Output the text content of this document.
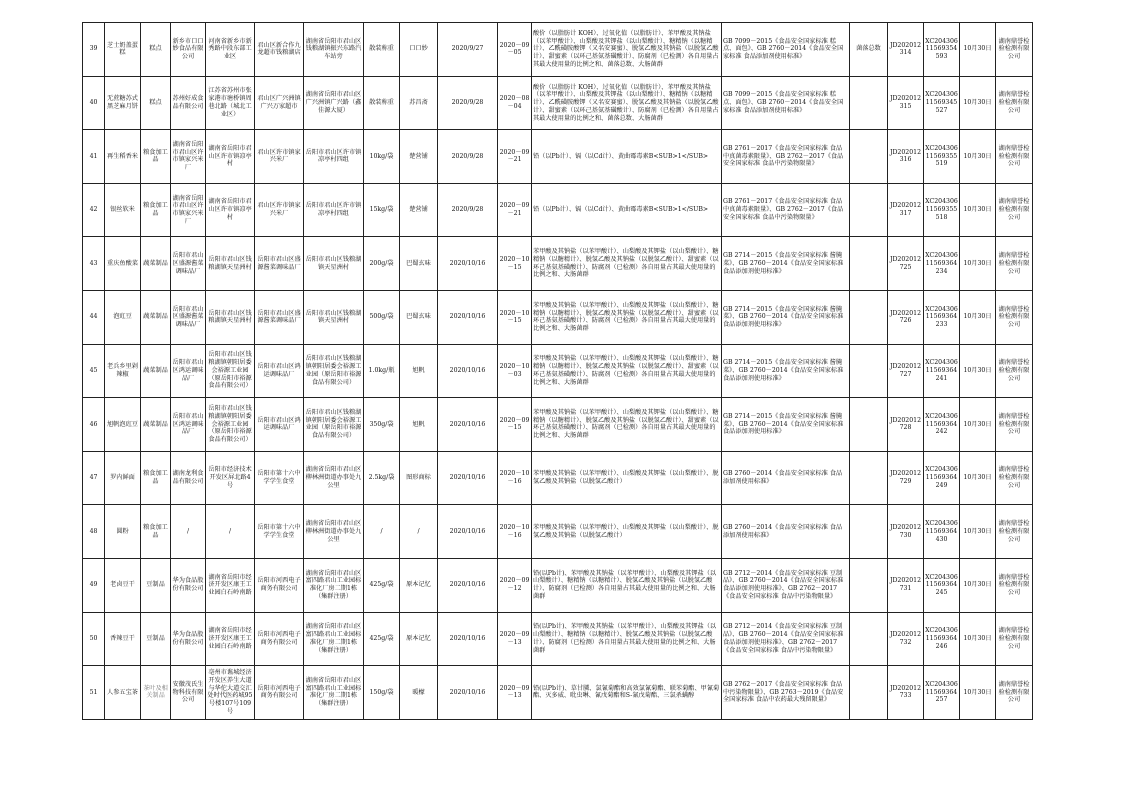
39	芝士奶盖蛋糕	糕点	新乡市口口妙食品有限公司	河南省新乡市新秀路中段东部工业区	君山区新合作九龙超市钱粮湖店	湖南省岳阳市君山区钱粮湖镇振兴东路汽车站旁	散装称重	口口妙	2020/9/27	2020－09－05	酸价（以脂肪计 KOH）、过氧化值（以脂肪计）、苯甲酸及其钠盐（以苯甲酸计）、山梨酸及其钾盐（以山梨酸计）、糖精钠（以糖精计）、乙酰磺胺酸钾（又名安赛蜜）、脱氢乙酸及其钠盐（以脱氢乙酸计）、甜蜜素（以环己基氨基磺酸计）、防腐剂（已检测）各自用量占其最大使用量的比例之和、菌落总数、大肠菌群	GB 7099－2015《食品安全国家标准 糕点、面包》、GB 2760－2014《食品安全国家标准 食品添加剂使用标准》	菌落总数	JD202012314	XC20430611569354593	10月30日	湖南鼎誉检验检测有限公司
40	无蔗糖苏式黑芝麻月饼	糕点	苏州好成食品有限公司	江苏省苏州市张家港市塘桥镇周巷北路（城北工业区）	君山区广兴洲镇广兴万家超市	湖南省岳阳市君山区广兴洲镇广兴路（鑫佳源大厦）	散装称重	苏昌斋	2020/9/28	2020－08－04	酸价（以脂肪计 KOH）、过氧化值（以脂肪计）、苯甲酸及其钠盐（以苯甲酸计）、山梨酸及其钾盐（以山梨酸计）、糖精钠（以糖精计）、乙酰磺胺酸钾（又名安赛蜜）、脱氢乙酸及其钠盐（以脱氢乙酸计）、甜蜜素（以环己基氨基磺酸计）、防腐剂（已检测）各自用量占其最大使用量的比例之和、菌落总数、大肠菌群	GB 7099－2015《食品安全国家标准 糕点、面包》、GB 2760－2014《食品安全国家标准 食品添加剂使用标准》		JD202012315	XC20430611569345527	10月30日	湖南鼎誉检验检测有限公司
41	再生稻香米	粮食加工品	湖南省岳阳市君山区许市镇家兴米厂	湖南省岳阳市君山区许市镇凉亭村	君山区许市镇家兴米厂	岳阳市君山区许市镇凉亭村四组	10kg/袋	楚营铺	2020/9/28	2020－09－21	铅（以Pb计）、镉（以Cd计）、黄曲霉毒素B<SUB>1</SUB>	GB 2761－2017《食品安全国家标准 食品中真菌毒素限量》、GB 2762－2017《食品安全国家标准 食品中污染物限量》		JD202012316	XC20430611569355519	10月30日	湖南鼎誉检验检测有限公司
42	银丝软米	粮食加工品	湖南省岳阳市君山区许市镇家兴米厂	湖南省岳阳市君山区许市镇凉亭村	君山区许市镇家兴米厂	岳阳市君山区许市镇凉亭村四组	15kg/袋	楚营铺	2020/9/28	2020－09－21	铅（以Pb计）、镉（以Cd计）、黄曲霉毒素B<SUB>1</SUB>	GB 2761－2017《食品安全国家标准 食品中真菌毒素限量》、GB 2762－2017《食品安全国家标准 食品中污染物限量》		JD202012317	XC20430611569355518	10月30日	湖南鼎誉检验检测有限公司
43	重庆鱼酸菜	蔬菜制品	岳阳市君山区盛源酱菜调味品厂	岳阳市君山区钱粮湖镇天星洲村	岳阳市君山区盛源酱菜调味品厂	岳阳市君山区钱粮湖镇天星洲村	200g/袋	巴蜀玄味	2020/10/16	2020－10－15	苯甲酸及其钠盐（以苯甲酸计）、山梨酸及其钾盐（以山梨酸计）、糖精钠（以糖精计）、脱氢乙酸及其钠盐（以脱氢乙酸计）、甜蜜素（以环己基氨基磺酸计）、防腐剂（已检测）各自用量占其最大使用量的比例之和、大肠菌群	GB 2714－2015《食品安全国家标准 酱腌菜》、GB 2760－2014《食品安全国家标准 食品添加剂使用标准》		JD202012725	XC20430611569364234	10月30日	湖南鼎誉检验检测有限公司
44	泡豇豆	蔬菜制品	岳阳市君山区盛源酱菜调味品厂	岳阳市君山区钱粮湖镇天星洲村	岳阳市君山区盛源酱菜调味品厂	岳阳市君山区钱粮湖镇天星洲村	500g/袋	巴蜀玄味	2020/10/16	2020－10－15	苯甲酸及其钠盐（以苯甲酸计）、山梨酸及其钾盐（以山梨酸计）、糖精钠（以糖精计）、脱氢乙酸及其钠盐（以脱氢乙酸计）、甜蜜素（以环己基氨基磺酸计）、防腐剂（已检测）各自用量占其最大使用量的比例之和、大肠菌群	GB 2714－2015《食品安全国家标准 酱腌菜》、GB 2760－2014《食品安全国家标准 食品添加剂使用标准》		JD202012726	XC20430611569364233	10月30日	湖南鼎誉检验检测有限公司
45	老兵乡里剁辣椒	蔬菜制品	岳阳市君山区鸿运调味品厂	岳阳市君山区钱粮湖镇朝阳居委会裕源工业园（原岳阳市裕源食品有限公司）	岳阳市君山区鸿运调味品厂	岳阳市君山区钱粮湖镇朝阳居委会裕源工业园（原岳阳市裕源食品有限公司）	1.0kg/瓶	旭帆	2020/10/16	2020－10－03	苯甲酸及其钠盐（以苯甲酸计）、山梨酸及其钾盐（以山梨酸计）、糖精钠（以糖精计）、脱氢乙酸及其钠盐（以脱氢乙酸计）、甜蜜素（以环己基氨基磺酸计）、防腐剂（已检测）各自用量占其最大使用量的比例之和、大肠菌群	GB 2714－2015《食品安全国家标准 酱腌菜》、GB 2760－2014《食品安全国家标准 食品添加剂使用标准》		JD202012727	XC20430611569364241	10月30日	湖南鼎誉检验检测有限公司
46	旭帆泡豇豆	蔬菜制品	岳阳市君山区鸿运调味品厂	岳阳市君山区钱粮湖镇朝阳居委会裕源工业园（原岳阳市裕源食品有限公司）	岳阳市君山区鸿运调味品厂	岳阳市君山区钱粮湖镇朝阳居委会裕源工业园（原岳阳市裕源食品有限公司）	350g/袋	旭帆	2020/10/16	2020－09－15	苯甲酸及其钠盐（以苯甲酸计）、山梨酸及其钾盐（以山梨酸计）、糖精钠（以糖精计）、脱氢乙酸及其钠盐（以脱氢乙酸计）、甜蜜素（以环己基氨基磺酸计）、防腐剂（已检测）各自用量占其最大使用量的比例之和、大肠菌群	GB 2714－2015《食品安全国家标准 酱腌菜》、GB 2760－2014《食品安全国家标准 食品添加剂使用标准》		JD202012728	XC20430611569364242	10月30日	湖南鼎誉检验检测有限公司
47	罗内鲜面	粮食加工品	湖南龙利食品有限公司	岳阳市经济技术开发区屏北路4号	岳阳市第十六中学学生食堂	湖南省岳阳市君山区柳林洲街道办事处九公里	2.5kg/袋	图形商标	2020/10/16	2020－10－16	苯甲酸及其钠盐（以苯甲酸计）、山梨酸及其钾盐（以山梨酸计）、脱氢乙酸及其钠盐（以脱氢乙酸计）	GB 2760－2014《食品安全国家标准 食品添加剂使用标准》		JD202012729	XC20430611569364249	10月30日	湖南鼎誉检验检测有限公司
48	圆粉	粮食加工品	/	/	岳阳市第十六中学学生食堂	湖南省岳阳市君山区柳林洲街道办事处九公里	/	/	2020/10/16	2020－10－16	苯甲酸及其钠盐（以苯甲酸计）、山梨酸及其钾盐（以山梨酸计）、脱氢乙酸及其钠盐（以脱氢乙酸计）	GB 2760－2014《食品安全国家标准 食品添加剂使用标准》		JD202012730	XC20430611569364430	10月30日	湖南鼎誉检验检测有限公司
49	老卤豆干	豆制品	华为食品股份有限公司	湖南省岳阳市经济开发区康王工业园白石岭南路	岳阳市河西电子商务有限公司	湖南省岳阳市君山区富四路君山工业园标准化厂房二期1栋（集群注册）	425g/袋	原本记忆	2020/10/16	2020－09－12	铅(以Pb计)、苯甲酸及其钠盐（以苯甲酸计）、山梨酸及其钾盐（以山梨酸计）、糖精钠（以糖精计）、脱氢乙酸及其钠盐（以脱氢乙酸计）、防腐剂（已检测）各自用量占其最大使用量的比例之和、大肠菌群	GB 2712－2014《食品安全国家标准 豆制品》、GB 2760－2014《食品安全国家标准 食品添加剂使用标准》、GB 2762－2017《食品安全国家标准 食品中污染物限量》		JD202012731	XC20430611569364245	10月30日	湖南鼎誉检验检测有限公司
50	香辣豆干	豆制品	华为食品股份有限公司	湖南省岳阳市经济开发区康王工业园白石岭南路	岳阳市河西电子商务有限公司	湖南省岳阳市君山区富四路君山工业园标准化厂房二期1栋（集群注册）	425g/袋	原本记忆	2020/10/16	2020－09－13	铅(以Pb计)、苯甲酸及其钠盐（以苯甲酸计）、山梨酸及其钾盐（以山梨酸计）、糖精钠（以糖精计）、脱氢乙酸及其钠盐（以脱氢乙酸计）、防腐剂（已检测）各自用量占其最大使用量的比例之和、大肠菌群	GB 2712－2014《食品安全国家标准 豆制品》、GB 2760－2014《食品安全国家标准 食品添加剂使用标准》、GB 2762－2017《食品安全国家标准 食品中污染物限量》		JD202012732	XC20430611569364246	10月30日	湖南鼎誉检验检测有限公司
51	人参五宝茶	茶叶及相关制品	安徽茂氏生物科技有限公司	亳州市谯城经济开发区养生大道与华佗大道交汇处时代医药城95号楼107号109号	岳阳市河西电子商务有限公司	湖南省岳阳市君山区富四路君山工业园标准化厂房二期1栋（集群注册）	150g/袋	暖檬	2020/10/16	2020－09－13	铅(以Pb计)、草甘膦、氯氰菊酯和高效氯氰菊酯、联苯菊酯、甲氰菊酯、灭多威、吡虫啉、氰戊菊酯和S-氰戊菊酯、三氯杀螨醇	GB 2762－2017《食品安全国家标准 食品中污染物限量》、GB 2763－2019《食品安全国家标准 食品中农药最大残留限量》		JD202012733	XC20430611569364257	10月30日	湖南鼎誉检验检测有限公司
